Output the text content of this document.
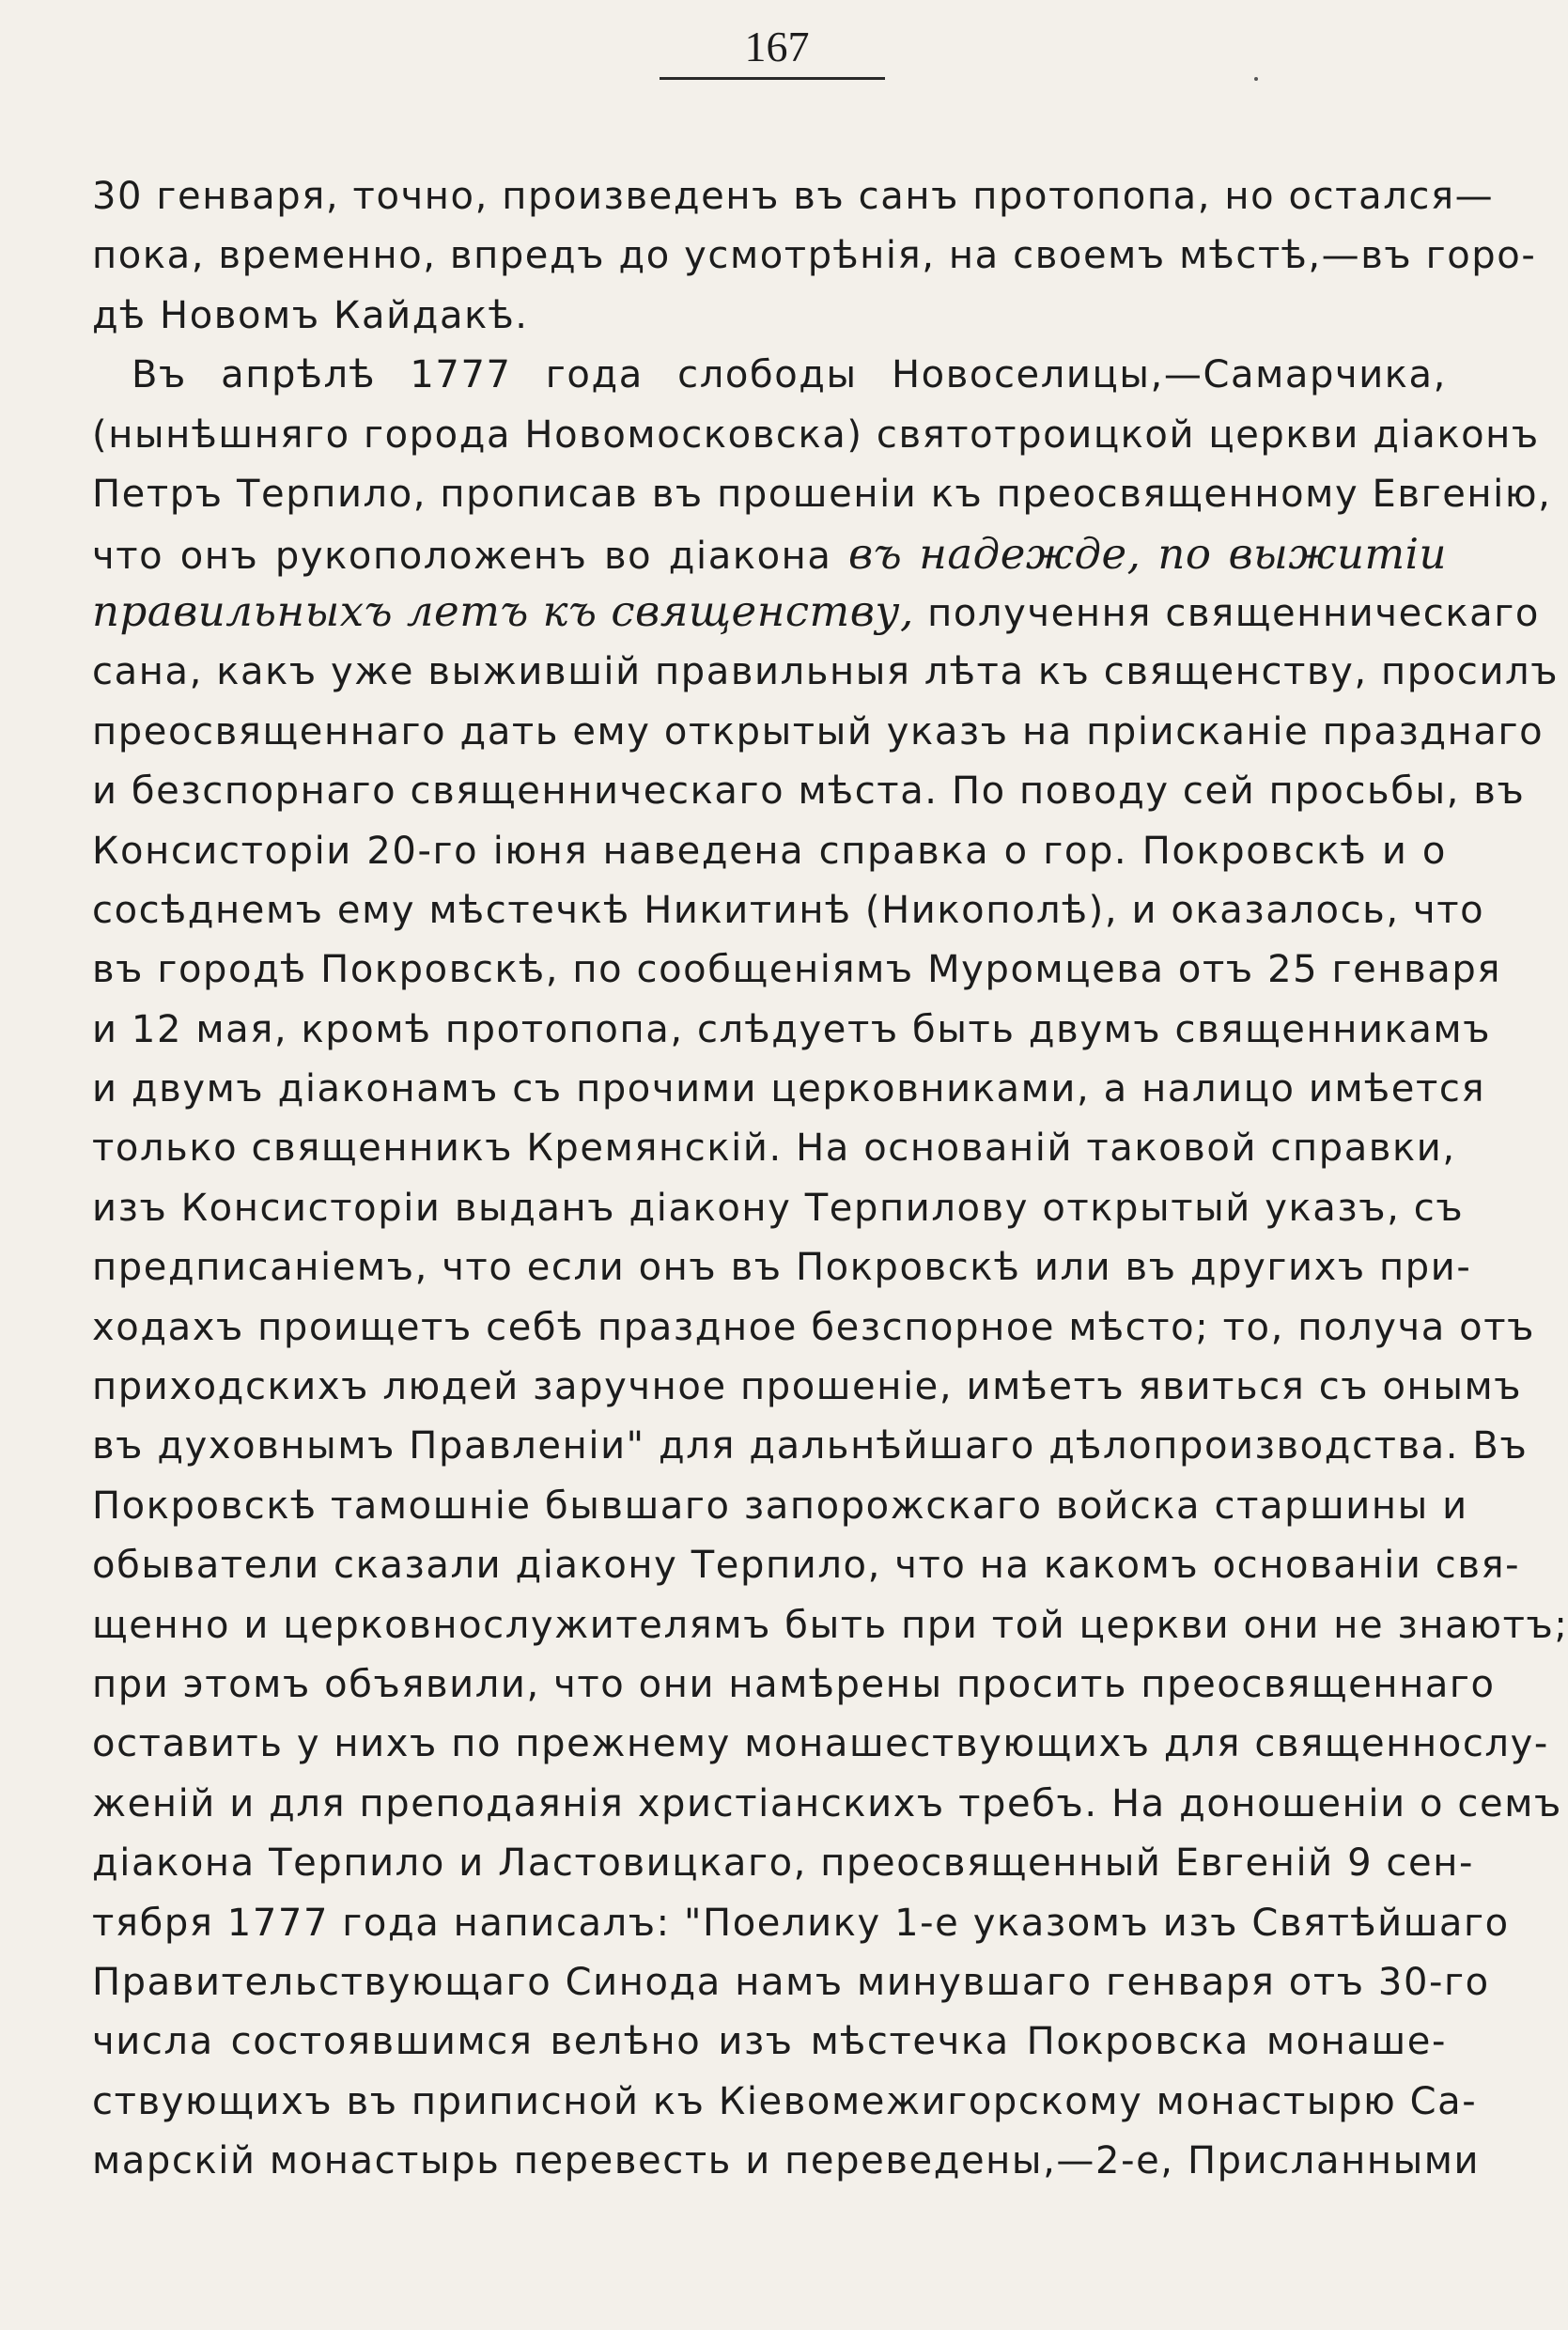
167
30 генваря, точно, произведенъ въ санъ протопопа, но остался—
пока, временно, впредъ до усмотрѣнія, на своемъ мѣстѣ,—въ горо-
дѣ Новомъ Кайдакѣ.
Въ апрѣлѣ 1777 года слободы Новоселицы,—Самарчика,
(нынѣшняго города Новомосковска) святотроицкой церкви діаконъ
Петръ Терпило, прописав въ прошеніи къ преосвященному Евгенію,
что онъ рукоположенъ во діакона въ надежде, по выжитіи
правильныхъ летъ къ священству, получення священническаго
сана, какъ уже выжившій правильныя лѣта къ священству, просилъ
преосвященнаго дать ему открытый указъ на пріисканіе празднаго
и безспорнаго священническаго мѣста. По поводу сей просьбы, въ
Консисторіи 20-го іюня наведена справка о гор. Покровскѣ и о
сосѣднемъ ему мѣстечкѣ Никитинѣ (Никополѣ), и оказалось, что
въ городѣ Покровскѣ, по сообщеніямъ Муромцева отъ 25 генваря
и 12 мая, кромѣ протопопа, слѣдуетъ быть двумъ священникамъ
и двумъ діаконамъ съ прочими церковниками, а налицо имѣется
только священникъ Кремянскій. На основаній таковой справки,
изъ Консисторіи выданъ діакону Терпилову открытый указъ, съ
предписаніемъ, что если онъ въ Покровскѣ или въ другихъ при-
ходахъ проищетъ себѣ праздное безспорное мѣсто; то, получа отъ
приходскихъ людей заручное прошеніе, имѣетъ явиться съ онымъ
въ духовнымъ Правленіи" для дальнѣйшаго дѣлопроизводства. Въ
Покровскѣ тамошніе бывшаго запорожскаго войска старшины и
обыватели сказали діакону Терпило, что на какомъ основаніи свя-
щенно и церковнослужителямъ быть при той церкви они не знаютъ;
при этомъ объявили, что они намѣрены просить преосвященнаго
оставить у нихъ по прежнему монашествующихъ для священнослу-
женій и для преподаянія христіанскихъ требъ. На доношеніи о семъ
діакона Терпило и Ластовицкаго, преосвященный Евгеній 9 сен-
тября 1777 года написалъ: "Поелику 1-е указомъ изъ Святѣйшаго
Правительствующаго Синода намъ минувшаго генваря отъ 30-го
числа состоявшимся велѣно изъ мѣстечка Покровска монаше-
ствующихъ въ приписной къ Кіевомежигорскому монастырю Са-
марскій монастырь перевесть и переведены,—2-е, Присланными
